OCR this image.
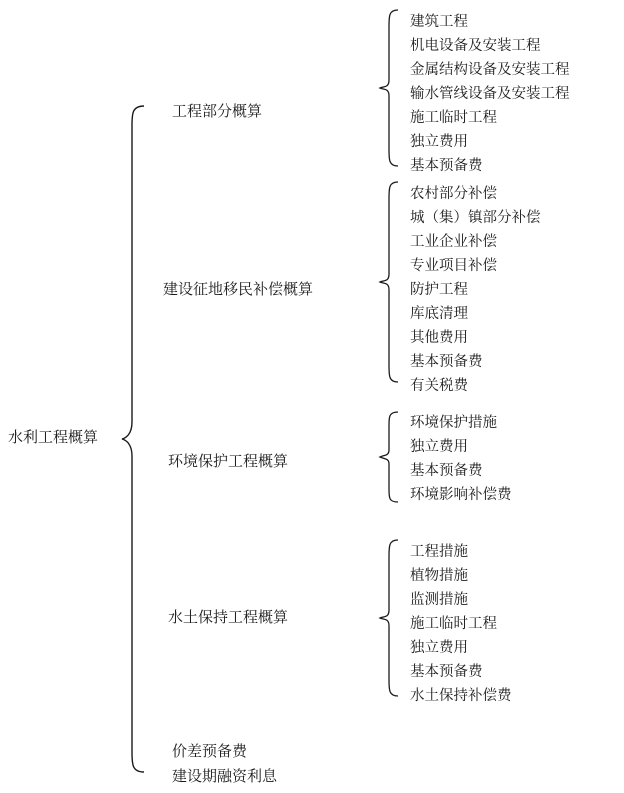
水利工程概算
工程部分概算
建筑工程
机电设备及安装工程
金属结构设备及安装工程
输水管线设备及安装工程
施工临时工程
独立费用
基本预备费
建设征地移民补偿概算
农村部分补偿
城（集）镇部分补偿
工业企业补偿
专业项目补偿
防护工程
库底清理
其他费用
基本预备费
有关税费
环境保护工程概算
环境保护措施
独立费用
基本预备费
环境影响补偿费
水土保持工程概算
工程措施
植物措施
监测措施
施工临时工程
独立费用
基本预备费
水土保持补偿费
价差预备费
建设期融资利息
